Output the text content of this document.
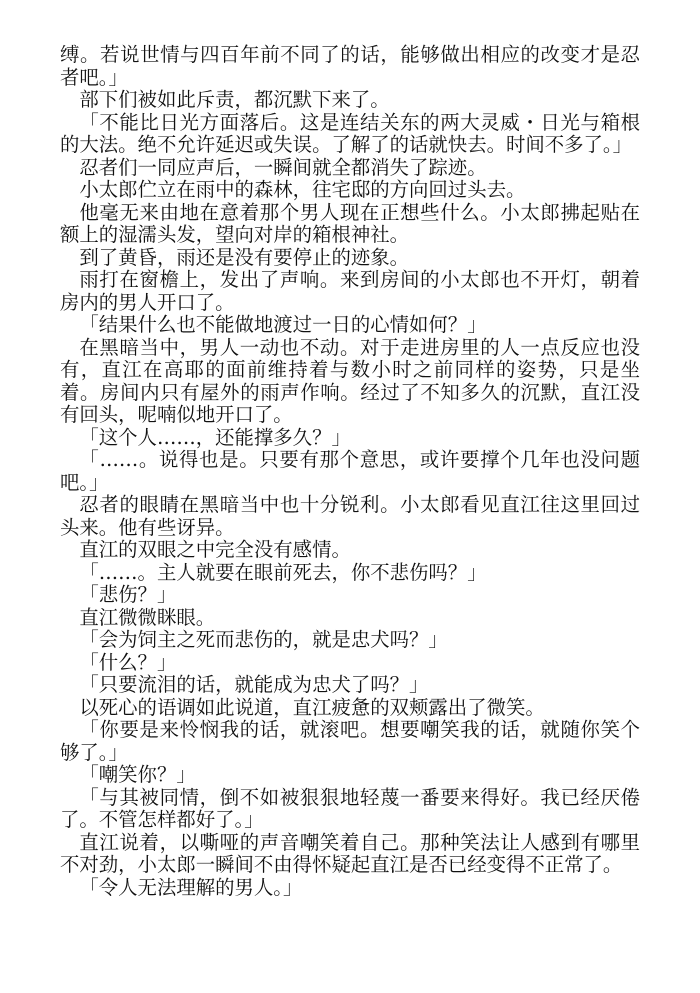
缚。若说世情与四百年前不同了的话，能够做出相应的改变才是忍者吧。」

部下们被如此斥责，都沉默下来了。

「不能比日光方面落后。这是连结关东的两大灵威・日光与箱根的大法。绝不允许延迟或失误。了解了的话就快去。时间不多了。」

忍者们一同应声后，一瞬间就全都消失了踪迹。

小太郎伫立在雨中的森林，往宅邸的方向回过头去。

他毫无来由地在意着那个男人现在正想些什么。小太郎拂起贴在额上的湿濡头发，望向对岸的箱根神社。

到了黄昏，雨还是没有要停止的迹象。

雨打在窗檐上，发出了声响。来到房间的小太郎也不开灯，朝着房内的男人开口了。

「结果什么也不能做地渡过一日的心情如何？」

在黑暗当中，男人一动也不动。对于走进房里的人一点反应也没有，直江在高耶的面前维持着与数小时之前同样的姿势，只是坐着。房间内只有屋外的雨声作响。经过了不知多久的沉默，直江没有回头，呢喃似地开口了。

「这个人……，还能撑多久？」

「……。说得也是。只要有那个意思，或许要撑个几年也没问题吧。」

忍者的眼睛在黑暗当中也十分锐利。小太郎看见直江往这里回过头来。他有些讶异。

直江的双眼之中完全没有感情。

「……。主人就要在眼前死去，你不悲伤吗？」

「悲伤？」

直江微微眯眼。

「会为饲主之死而悲伤的，就是忠犬吗？」

「什么？」

「只要流泪的话，就能成为忠犬了吗？」

以死心的语调如此说道，直江疲惫的双颊露出了微笑。

「你要是来怜悯我的话，就滚吧。想要嘲笑我的话，就随你笑个够了。」

「嘲笑你？」

「与其被同情，倒不如被狠狠地轻蔑一番要来得好。我已经厌倦了。不管怎样都好了。」

直江说着，以嘶哑的声音嘲笑着自己。那种笑法让人感到有哪里不对劲，小太郎一瞬间不由得怀疑起直江是否已经变得不正常了。

「令人无法理解的男人。」
